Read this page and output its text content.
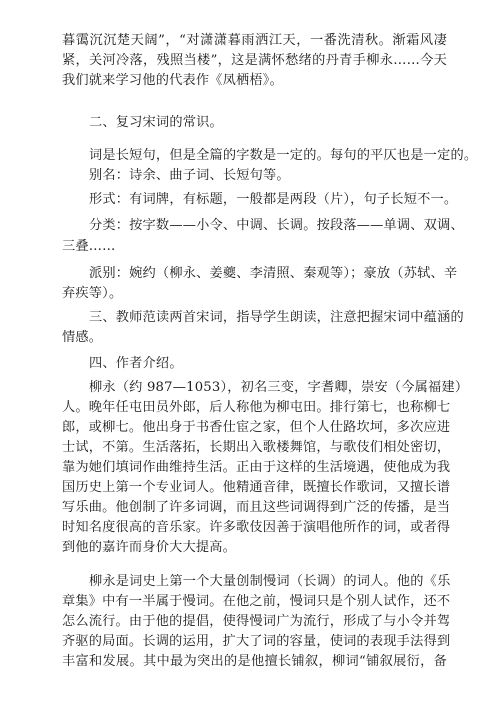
暮霭沉沉楚天阔”，“对潇潇暮雨洒江天，一番洗清秋。渐霜风凄
紧，关河冷落，残照当楼”，这是满怀愁绪的丹青手柳永……今天
我们就来学习他的代表作《凤栖梧》。
二、复习宋词的常识。
词是长短句，但是全篇的字数是一定的。每句的平仄也是一定的。
别名：诗余、曲子词、长短句等。
形式：有词牌，有标题，一般都是两段（片），句子长短不一。
分类：按字数——小令、中调、长调。按段落——单调、双调、
三叠……
派别：婉约（柳永、姜夔、李清照、秦观等）；豪放（苏轼、辛
弃疾等）。
三、教师范读两首宋词，指导学生朗读，注意把握宋词中蕴涵的
情感。
四、作者介绍。
柳永（约 987—1053），初名三变，字耆卿，崇安（今属福建）
人。晚年任屯田员外郎，后人称他为柳屯田。排行第七，也称柳七
郎，或柳七。他出身于书香仕宦之家，但个人仕路坎坷，多次应进
士试，不第。生活落拓，长期出入歌楼舞馆，与歌伎们相处密切，
靠为她们填词作曲维持生活。正由于这样的生活境遇，使他成为我
国历史上第一个专业词人。他精通音律，既擅长作歌词，又擅长谱
写乐曲。他创制了许多词调，而且这些词调得到广泛的传播，是当
时知名度很高的音乐家。许多歌伎因善于演唱他所作的词，或者得
到他的嘉许而身价大大提高。
柳永是词史上第一个大量创制慢词（长调）的词人。他的《乐
章集》中有一半属于慢词。在他之前，慢词只是个别人试作，还不
怎么流行。由于他的提倡，使得慢词广为流行，形成了与小令并驾
齐驱的局面。长调的运用，扩大了词的容量，使词的表现手法得到
丰富和发展。其中最为突出的是他擅长铺叙，柳词“铺叙展衍，备
